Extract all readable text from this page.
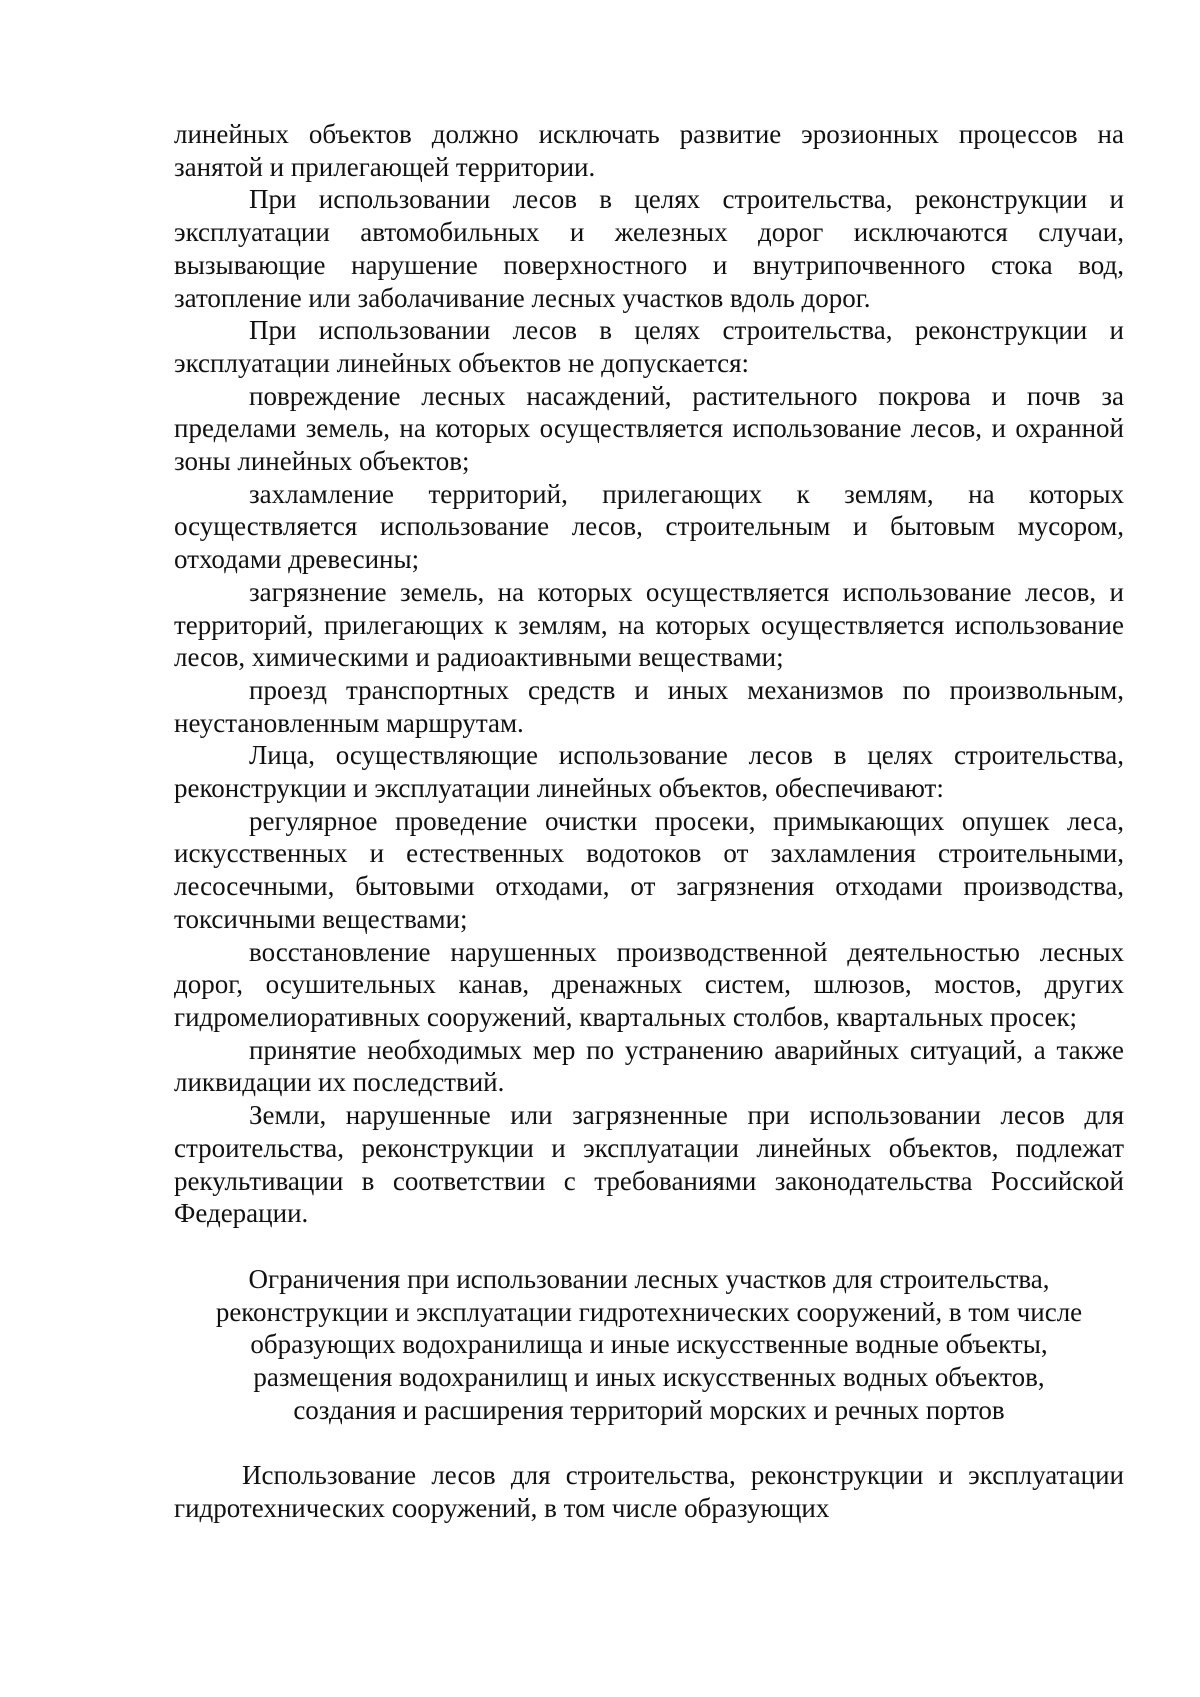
линейных объектов должно исключать развитие эрозионных процессов на занятой и прилегающей территории.

При использовании лесов в целях строительства, реконструкции и эксплуатации автомобильных и железных дорог исключаются случаи, вызывающие нарушение поверхностного и внутрипочвенного стока вод, затопление или заболачивание лесных участков вдоль дорог.

При использовании лесов в целях строительства, реконструкции и эксплуатации линейных объектов не допускается:

повреждение лесных насаждений, растительного покрова и почв за пределами земель, на которых осуществляется использование лесов, и охранной зоны линейных объектов;

захламление территорий, прилегающих к землям, на которых осуществляется использование лесов, строительным и бытовым мусором, отходами древесины;

загрязнение земель, на которых осуществляется использование лесов, и территорий, прилегающих к землям, на которых осуществляется использование лесов, химическими и радиоактивными веществами;

проезд транспортных средств и иных механизмов по произвольным, неустановленным маршрутам.

Лица, осуществляющие использование лесов в целях строительства, реконструкции и эксплуатации линейных объектов, обеспечивают:

регулярное проведение очистки просеки, примыкающих опушек леса, искусственных и естественных водотоков от захламления строительными, лесосечными, бытовыми отходами, от загрязнения отходами производства, токсичными веществами;

восстановление нарушенных производственной деятельностью лесных дорог, осушительных канав, дренажных систем, шлюзов, мостов, других гидромелиоративных сооружений, квартальных столбов, квартальных просек;

принятие необходимых мер по устранению аварийных ситуаций, а также ликвидации их последствий.

Земли, нарушенные или загрязненные при использовании лесов для строительства, реконструкции и эксплуатации линейных объектов, подлежат рекультивации в соответствии с требованиями законодательства Российской Федерации.

Ограничения при использовании лесных участков для строительства,
реконструкции и эксплуатации гидротехнических сооружений, в том числе
образующих водохранилища и иные искусственные водные объекты,
размещения водохранилищ и иных искусственных водных объектов,
создания и расширения территорий морских и речных портов

Использование лесов для строительства, реконструкции и эксплуатации гидротехнических сооружений, в том числе образующих
